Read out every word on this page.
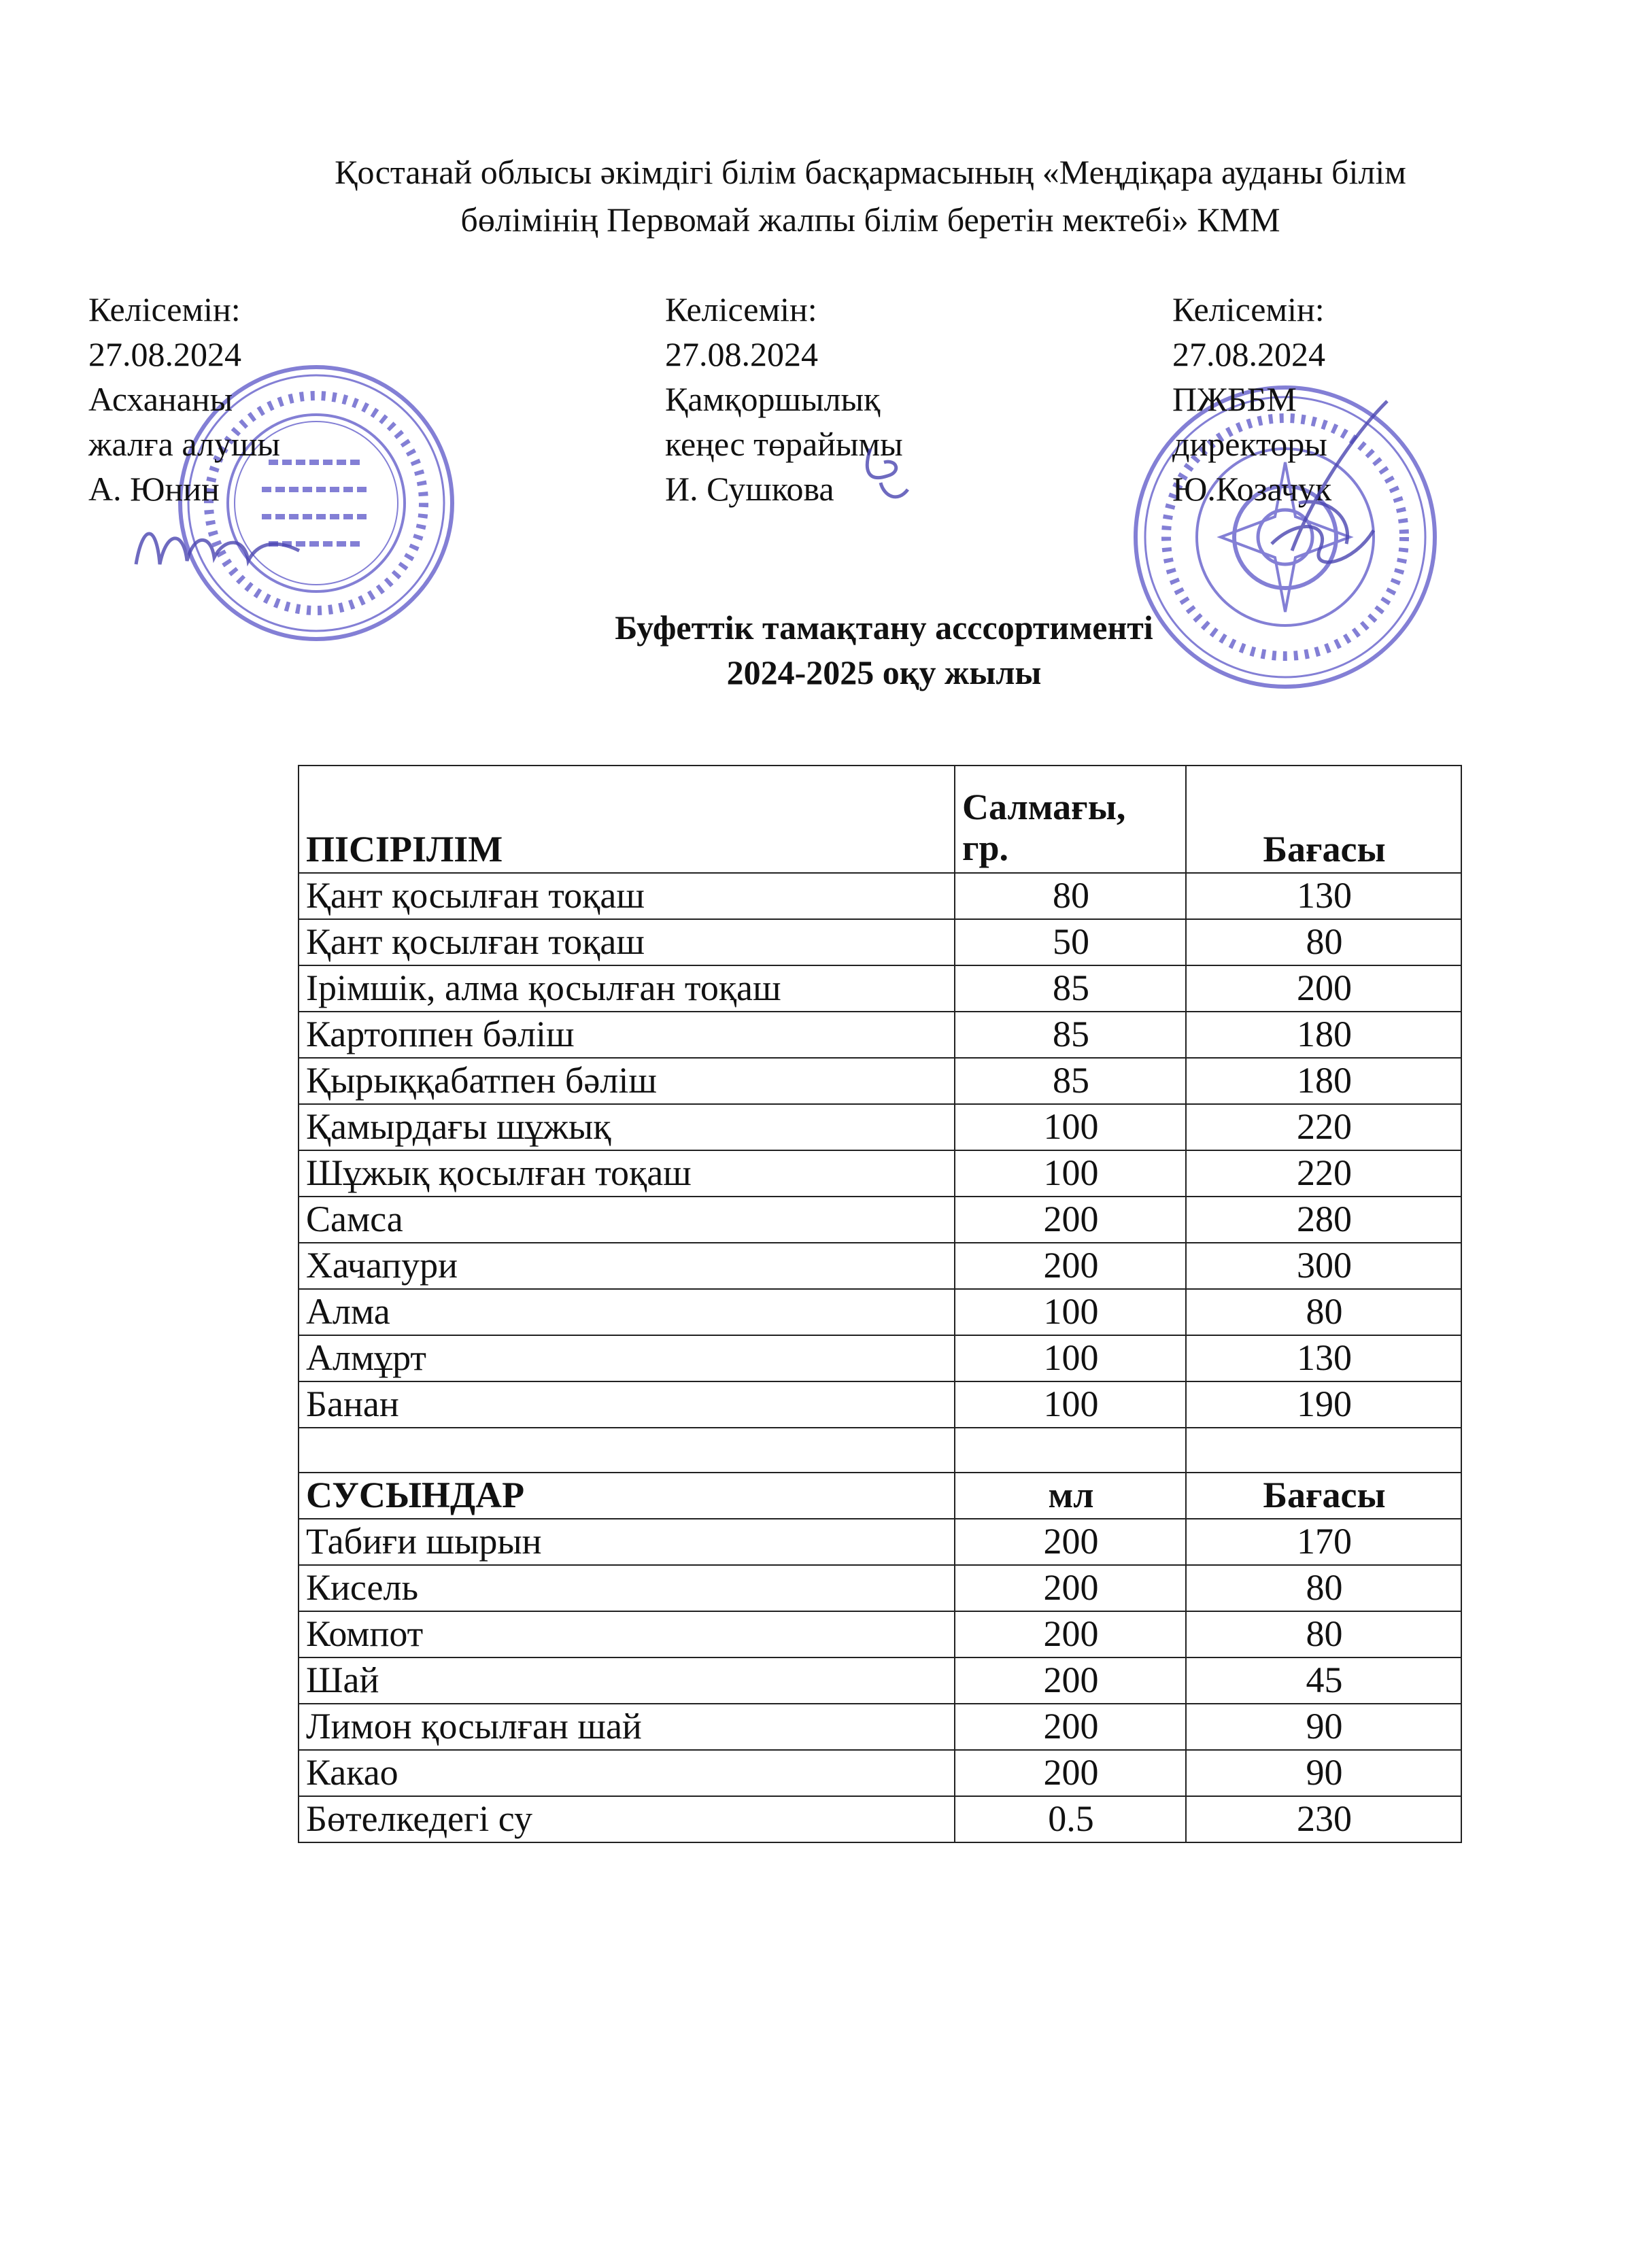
Қостанай облысы әкімдігі білім басқармасының «Меңдіқара ауданы білім
бөлімінің Первомай жалпы білім беретін мектебі» КММ
Келісемін:
27.08.2024
Асхананы
жалға алушы
А. Юнин
Келісемін:
27.08.2024
Қамқоршылық
кеңес төрайымы
И. Сушкова
Келісемін:
27.08.2024
ПЖББМ
директоры
Ю.Козачук
Буфеттік тамақтану асссортименті
2024-2025 оқу жылы
ПІСІРІЛІМ	Салмағы, гр.	Бағасы
Қант қосылған тоқаш	80	130
Қант қосылған тоқаш	50	80
Ірімшік, алма қосылған тоқаш	85	200
Картоппен бәліш	85	180
Қырыққабатпен бәліш	85	180
Қамырдағы шұжық	100	220
Шұжық қосылған тоқаш	100	220
Самса	200	280
Хачапури	200	300
Алма	100	80
Алмұрт	100	130
Банан	100	190

СУСЫНДАР	мл	Бағасы
Табиғи шырын	200	170
Кисель	200	80
Компот	200	80
Шай	200	45
Лимон қосылған шай	200	90
Какао	200	90
Бөтелкедегі су	0.5	230
